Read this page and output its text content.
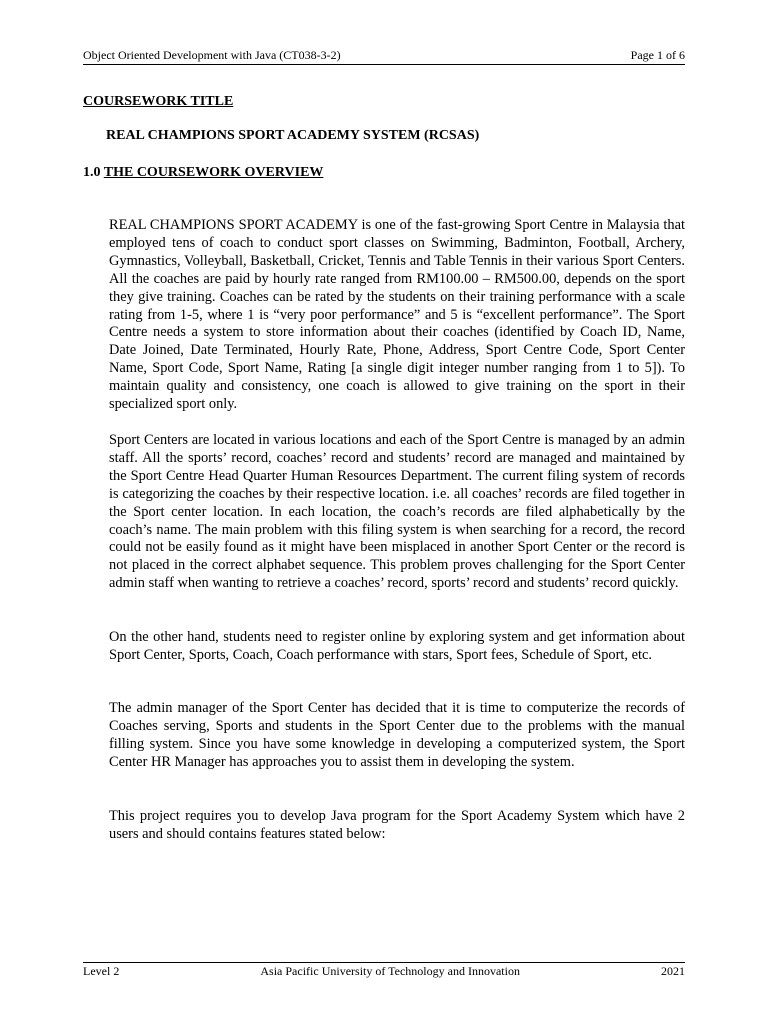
Object Oriented Development with Java (CT038-3-2)	Page 1 of 6
COURSEWORK TITLE
REAL CHAMPIONS SPORT ACADEMY SYSTEM (RCSAS)
1.0 THE COURSEWORK OVERVIEW

REAL CHAMPIONS SPORT ACADEMY is one of the fast-growing Sport Centre in Malaysia that employed tens of coach to conduct sport classes on Swimming, Badminton, Football, Archery, Gymnastics, Volleyball, Basketball, Cricket, Tennis and Table Tennis in their various Sport Centers. All the coaches are paid by hourly rate ranged from RM100.00 – RM500.00, depends on the sport they give training. Coaches can be rated by the students on their training performance with a scale rating from 1-5, where 1 is “very poor performance” and 5 is “excellent performance”. The Sport Centre needs a system to store information about their coaches (identified by Coach ID, Name, Date Joined, Date Terminated, Hourly Rate, Phone, Address, Sport Centre Code, Sport Center Name, Sport Code, Sport Name, Rating [a single digit integer number ranging from 1 to 5]). To maintain quality and consistency, one coach is allowed to give training on the sport in their specialized sport only.

Sport Centers are located in various locations and each of the Sport Centre is managed by an admin staff. All the sports’ record, coaches’ record and students’ record are managed and maintained by the Sport Centre Head Quarter Human Resources Department. The current filing system of records is categorizing the coaches by their respective location. i.e. all coaches’ records are filed together in the Sport center location. In each location, the coach’s records are filed alphabetically by the coach’s name. The main problem with this filing system is when searching for a record, the record could not be easily found as it might have been misplaced in another Sport Center or the record is not placed in the correct alphabet sequence. This problem proves challenging for the Sport Center admin staff when wanting to retrieve a coaches’ record, sports’ record and students’ record quickly.

On the other hand, students need to register online by exploring system and get information about Sport Center, Sports, Coach, Coach performance with stars, Sport fees, Schedule of Sport, etc.

The admin manager of the Sport Center has decided that it is time to computerize the records of Coaches serving, Sports and students in the Sport Center due to the problems with the manual filling system. Since you have some knowledge in developing a computerized system, the Sport Center HR Manager has approaches you to assist them in developing the system.

This project requires you to develop Java program for the Sport Academy System which have 2 users and should contains features stated below:

Level 2	Asia Pacific University of Technology and Innovation	2021
